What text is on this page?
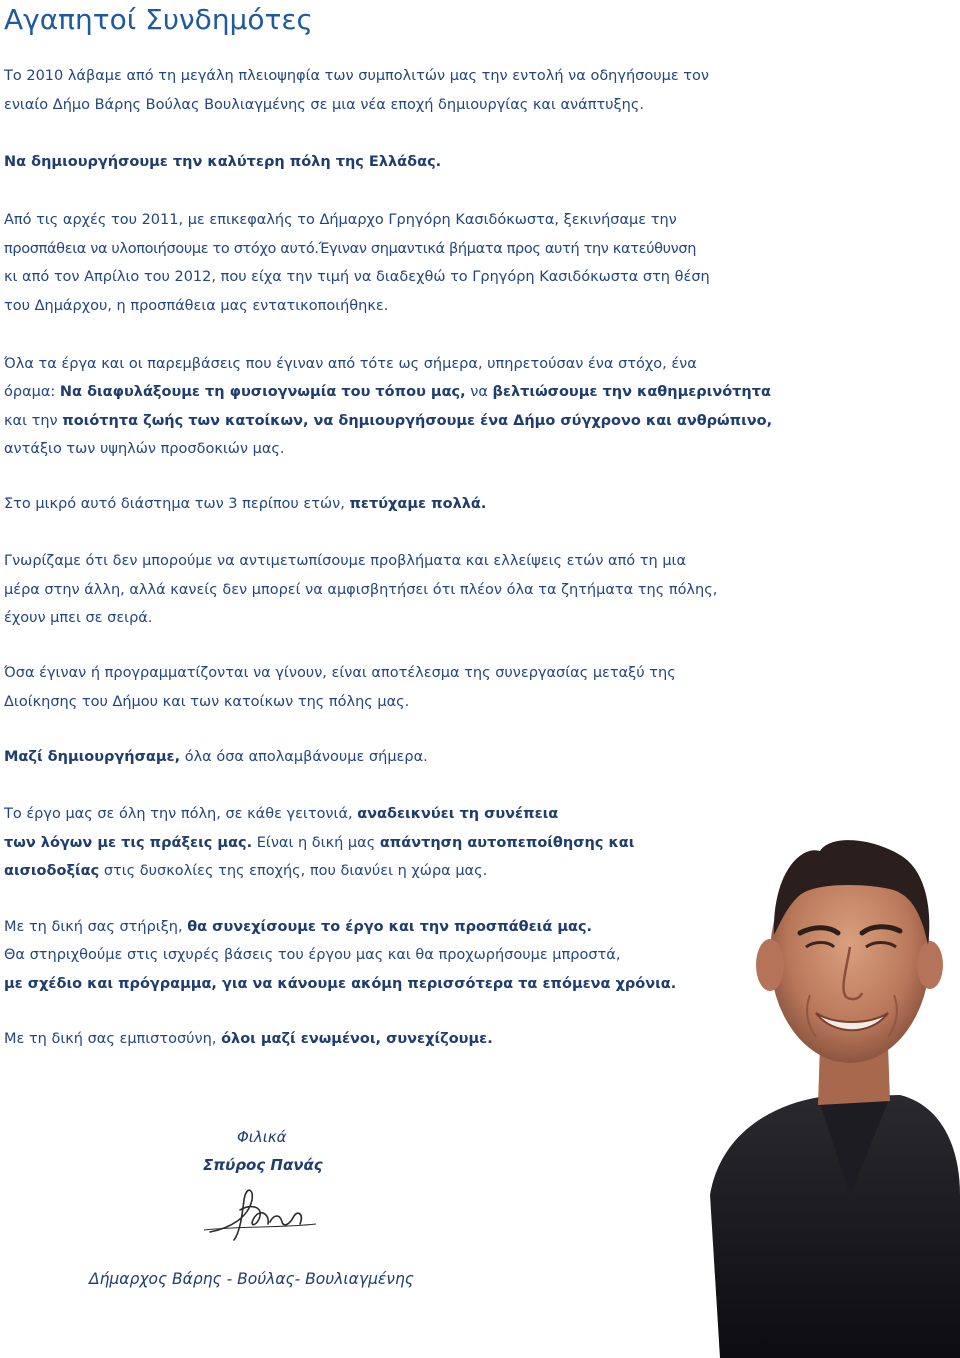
Αγαπητοί Συνδημότες

Το 2010 λάβαμε από τη μεγάλη πλειοψηφία των συμπολιτών μας την εντολή να οδηγήσουμε τον

ενιαίο Δήμο Βάρης Βούλας Βουλιαγμένης σε μια νέα εποχή δημιουργίας και ανάπτυξης.

Να δημιουργήσουμε την καλύτερη πόλη της Ελλάδας.

Από τις αρχές του 2011, με επικεφαλής το Δήμαρχο Γρηγόρη Κασιδόκωστα, ξεκινήσαμε την

προσπάθεια να υλοποιήσουμε το στόχο αυτό.Έγιναν σημαντικά βήματα προς αυτή την κατεύθυνση

κι από τον Απρίλιο του 2012, που είχα την τιμή να διαδεχθώ το Γρηγόρη Κασιδόκωστα στη θέση

του Δημάρχου, η προσπάθεια μας εντατικοποιήθηκε.

Όλα τα έργα και οι παρεμβάσεις που έγιναν από τότε ως σήμερα, υπηρετούσαν ένα στόχο, ένα

όραμα: Να διαφυλάξουμε τη φυσιογνωμία του τόπου μας, να βελτιώσουμε την καθημερινότητα

και την ποιότητα ζωής των κατοίκων, να δημιουργήσουμε ένα Δήμο σύγχρονο και ανθρώπινο,

αντάξιο των υψηλών προσδοκιών μας.

Στο μικρό αυτό διάστημα των 3 περίπου ετών, πετύχαμε πολλά.

Γνωρίζαμε ότι δεν μπορούμε να αντιμετωπίσουμε προβλήματα και ελλείψεις ετών από τη μια

μέρα στην άλλη, αλλά κανείς δεν μπορεί να αμφισβητήσει ότι πλέον όλα τα ζητήματα της πόλης,

έχουν μπει σε σειρά.

Όσα έγιναν ή προγραμματίζονται να γίνουν, είναι αποτέλεσμα της συνεργασίας μεταξύ της

Διοίκησης του Δήμου και των κατοίκων της πόλης μας.

Μαζί δημιουργήσαμε, όλα όσα απολαμβάνουμε σήμερα.

Το έργο μας σε όλη την πόλη, σε κάθε γειτονιά, αναδεικνύει τη συνέπεια

των λόγων με τις πράξεις μας. Είναι η δική μας απάντηση αυτοπεποίθησης και

αισιοδοξίας στις δυσκολίες της εποχής, που διανύει η χώρα μας.

Με τη δική σας στήριξη, θα συνεχίσουμε το έργο και την προσπάθειά μας.

Θα στηριχθούμε στις ισχυρές βάσεις του έργου μας και θα προχωρήσουμε μπροστά,

με σχέδιο και πρόγραμμα, για να κάνουμε ακόμη περισσότερα τα επόμενα χρόνια.

Με τη δική σας εμπιστοσύνη, όλοι μαζί ενωμένοι, συνεχίζουμε.

Φιλικά
Σπύρος Πανάς
Δήμαρχος Βάρης - Βούλας- Βουλιαγμένης
